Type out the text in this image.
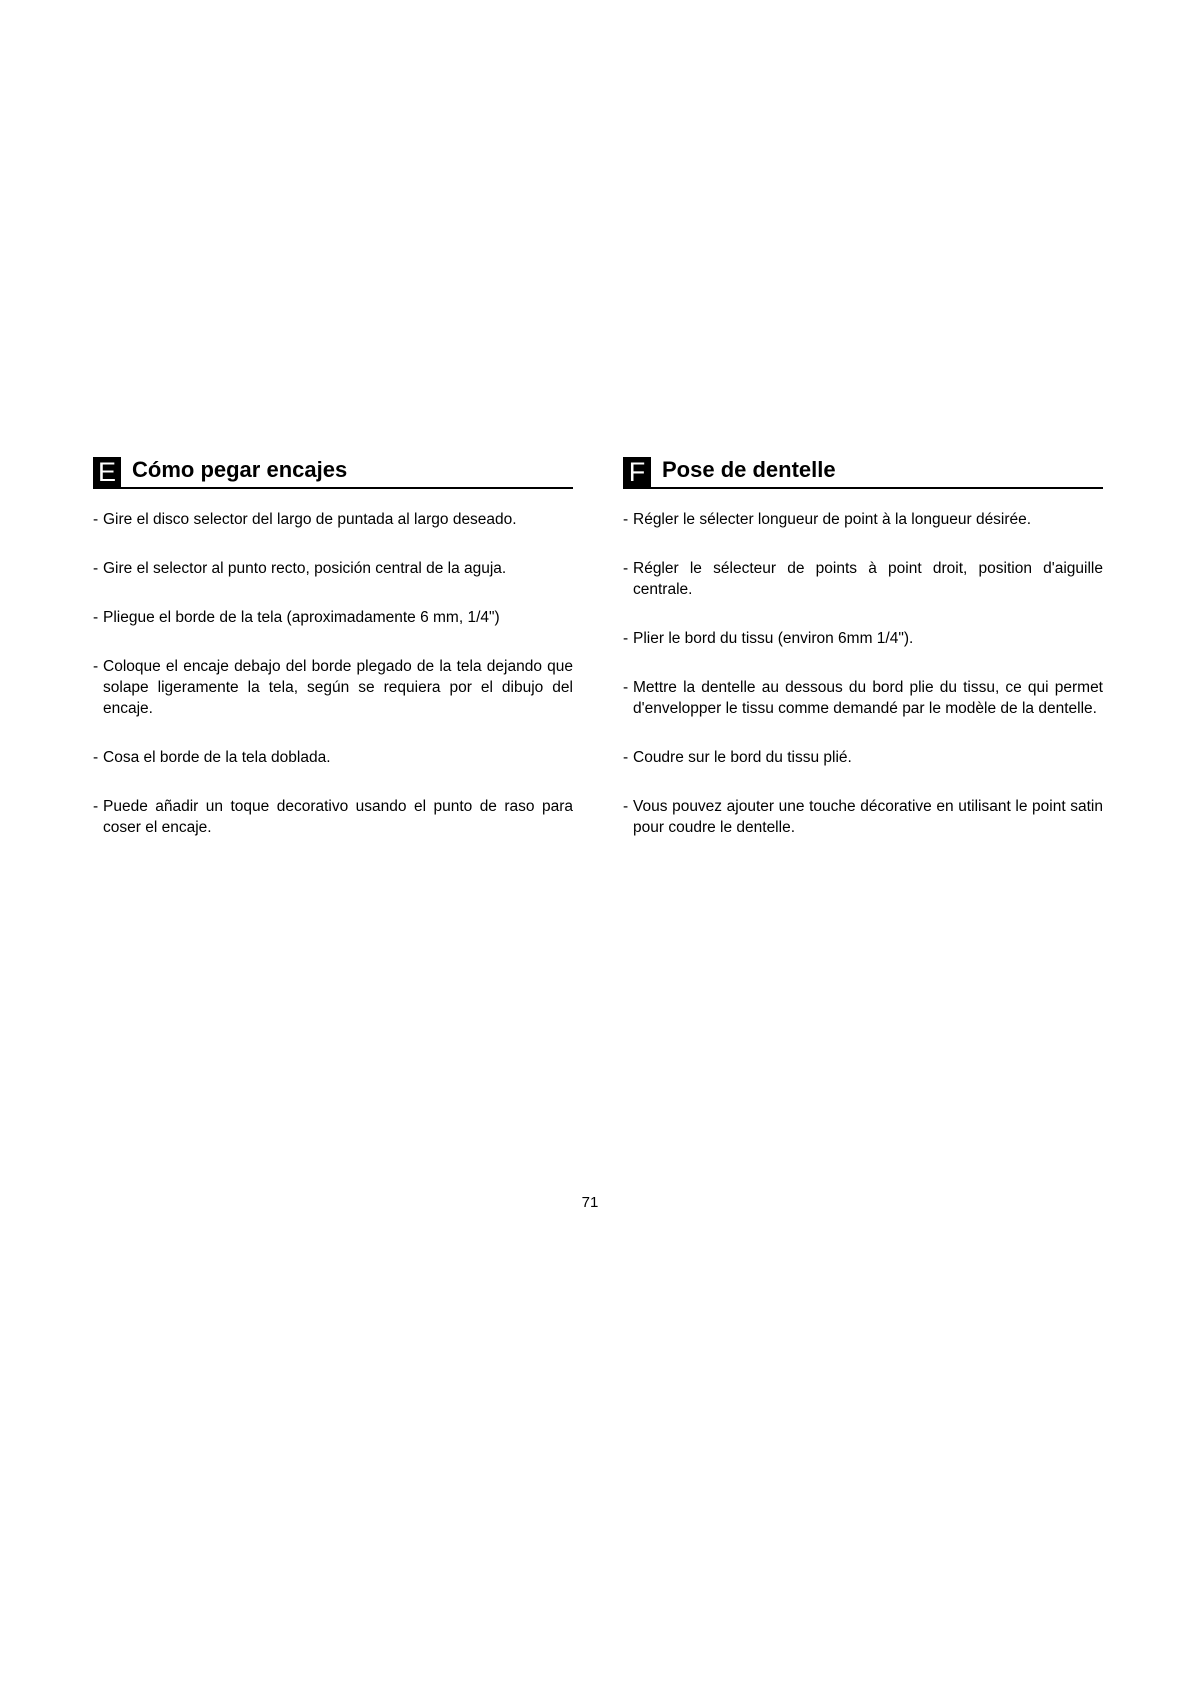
E Cómo pegar encajes
- Gire el disco selector del largo de puntada al largo deseado.
- Gire el selector al punto recto, posición central de la aguja.
- Pliegue el borde de la tela (aproximadamente 6 mm, 1/4")
- Coloque el encaje debajo del borde plegado de la tela dejando que solape ligeramente la tela, según se requiera por el dibujo del encaje.
- Cosa el borde de la tela doblada.
- Puede añadir un toque decorativo usando el punto de raso para coser el encaje.
F Pose de dentelle
- Régler le sélecter longueur de point à la longueur désirée.
- Régler le sélecteur de points à point droit, position d'aiguille centrale.
- Plier le bord du tissu (environ 6mm 1/4").
- Mettre la dentelle au dessous du bord plie du tissu, ce qui permet d'envelopper le tissu comme demandé par le modèle de la dentelle.
- Coudre sur le bord du tissu plié.
- Vous pouvez ajouter une touche décorative en utilisant le point satin pour coudre le dentelle.
71
